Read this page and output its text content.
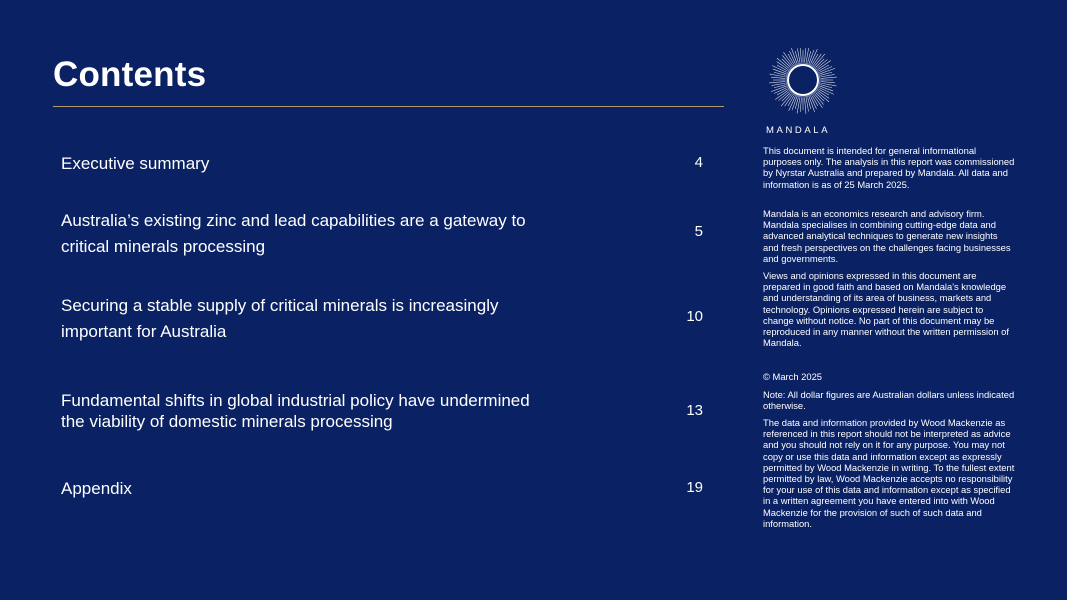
Contents
Executive summary	4
Australia’s existing zinc and lead capabilities are a gateway to critical minerals processing
5
Securing a stable supply of critical minerals is increasingly important for Australia
10
Fundamental shifts in global industrial policy have undermined the viability of domestic minerals processing
13
Appendix	19
MANDALA

This document is intended for general informational purposes only. The analysis in this report was commissioned by Nyrstar Australia and prepared by Mandala. All data and information is as of 25 March 2025.

Mandala is an economics research and advisory firm. Mandala specialises in combining cutting-edge data and advanced analytical techniques to generate new insights and fresh perspectives on the challenges facing businesses and governments.

Views and opinions expressed in this document are prepared in good faith and based on Mandala's knowledge and understanding of its area of business, markets and technology. Opinions expressed herein are subject to change without notice. No part of this document may be reproduced in any manner without the written permission of Mandala.

© March 2025

Note: All dollar figures are Australian dollars unless indicated otherwise.

The data and information provided by Wood Mackenzie as referenced in this report should not be interpreted as advice and you should not rely on it for any purpose. You may not copy or use this data and information except as expressly permitted by Wood Mackenzie in writing. To the fullest extent permitted by law, Wood Mackenzie accepts no responsibility for your use of this data and information except as specified in a written agreement you have entered into with Wood Mackenzie for the provision of such of such data and information.
